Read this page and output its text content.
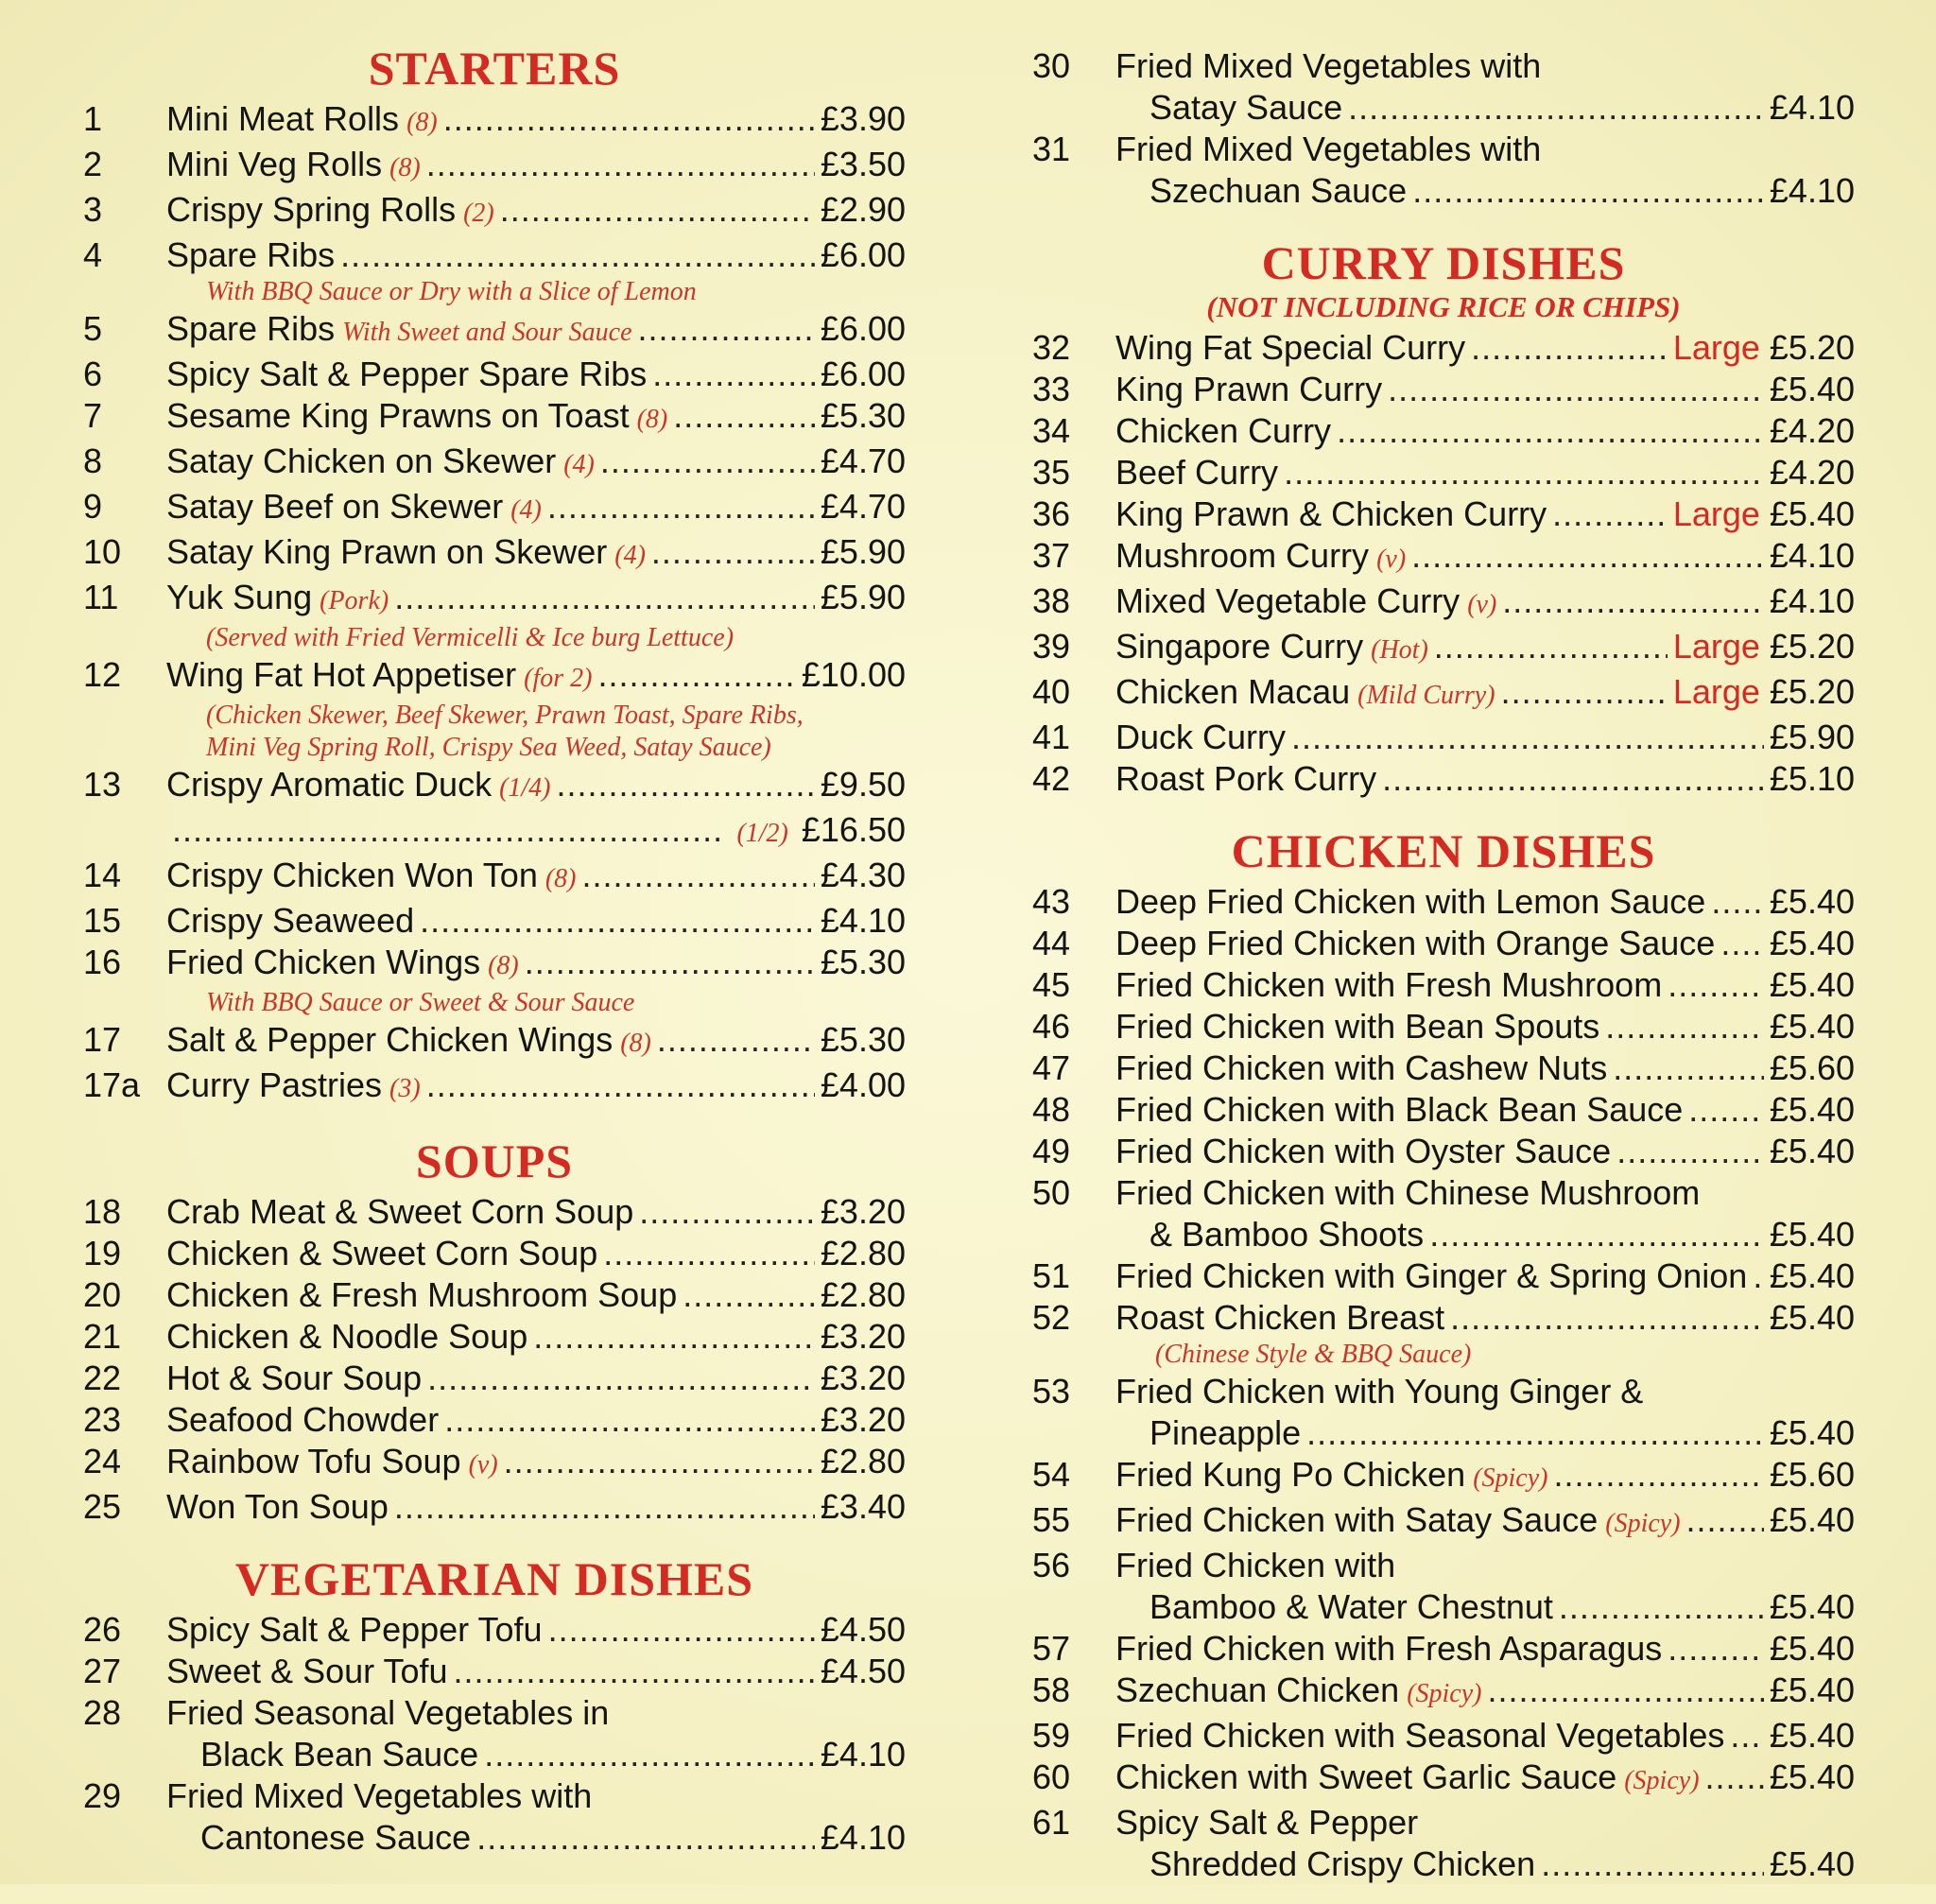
STARTERS
1	Mini Meat Rolls (8) .....	£3.90
2	Mini Veg Rolls (8) .....	£3.50
3	Crispy Spring Rolls (2) .....	£2.90
4	Spare Ribs .....	£6.00
With BBQ Sauce or Dry with a Slice of Lemon
5	Spare Ribs With Sweet and Sour Sauce .....	£6.00
6	Spicy Salt & Pepper Spare Ribs .....	£6.00
7	Sesame King Prawns on Toast (8) .....	£5.30
8	Satay Chicken on Skewer (4) .....	£4.70
9	Satay Beef on Skewer (4) .....	£4.70
10	Satay King Prawn on Skewer (4) .....	£5.90
11	Yuk Sung (Pork) .....	£5.90
(Served with Fried Vermicelli & Ice burg Lettuce)
12	Wing Fat Hot Appetiser (for 2) .....	£10.00
(Chicken Skewer, Beef Skewer, Prawn Toast, Spare Ribs,
Mini Veg Spring Roll, Crispy Sea Weed, Satay Sauce)
13	Crispy Aromatic Duck (1/4) .....	£9.50
.....
(1/2) £16.50
14	Crispy Chicken Won Ton (8) .....	£4.30
15	Crispy Seaweed .....	£4.10
16	Fried Chicken Wings (8) .....	£5.30
With BBQ Sauce or Sweet & Sour Sauce
17	Salt & Pepper Chicken Wings (8) .....	£5.30
17a Curry Pastries (3) .....	£4.00
SOUPS
18	Crab Meat & Sweet Corn Soup .....	£3.20
19	Chicken & Sweet Corn Soup .....	£2.80
20	Chicken & Fresh Mushroom Soup .....	£2.80
21	Chicken & Noodle Soup .....	£3.20
22	Hot & Sour Soup .....	£3.20
23	Seafood Chowder .....	£3.20
24	Rainbow Tofu Soup (v) .....	£2.80
25	Won Ton Soup .....	£3.40
VEGETARIAN DISHES
26	Spicy Salt & Pepper Tofu .....	£4.50
27	Sweet & Sour Tofu .....	£4.50
28	Fried Seasonal Vegetables in
Black Bean Sauce .....	£4.10
29	Fried Mixed Vegetables with
Cantonese Sauce .....	£4.10
30	Fried Mixed Vegetables with
Satay Sauce .....	£4.10
31	Fried Mixed Vegetables with
Szechuan Sauce .....	£4.10
CURRY DISHES
(NOT INCLUDING RICE OR CHIPS)
32	Wing Fat Special Curry .....	Large £5.20
33	King Prawn Curry .....	£5.40
34	Chicken Curry .....	£4.20
35	Beef Curry .....	£4.20
36	King Prawn & Chicken Curry .....	Large £5.40
37	Mushroom Curry (v) .....	£4.10
38	Mixed Vegetable Curry (v) .....	£4.10
39	Singapore Curry (Hot) .....	Large £5.20
40	Chicken Macau (Mild Curry) .....	Large £5.20
41	Duck Curry .....	£5.90
42	Roast Pork Curry .....	£5.10
CHICKEN DISHES
43	Deep Fried Chicken with Lemon Sauce ..... £5.40
44	Deep Fried Chicken with Orange Sauce ..... £5.40
45	Fried Chicken with Fresh Mushroom .....	£5.40
46	Fried Chicken with Bean Spouts .....	£5.40
47	Fried Chicken with Cashew Nuts .....	£5.60
48	Fried Chicken with Black Bean Sauce .....	£5.40
49	Fried Chicken with Oyster Sauce .....	£5.40
50	Fried Chicken with Chinese Mushroom
& Bamboo Shoots .....	£5.40
51	Fried Chicken with Ginger & Spring Onion ..... £5.40
52	Roast Chicken Breast .....	£5.40
(Chinese Style & BBQ Sauce)
53	Fried Chicken with Young Ginger &
Pineapple .....	£5.40
54	Fried Kung Po Chicken (Spicy) .....	£5.60
55	Fried Chicken with Satay Sauce (Spicy) .....	£5.40
56	Fried Chicken with
Bamboo & Water Chestnut .....	£5.40
57	Fried Chicken with Fresh Asparagus .....	£5.40
58	Szechuan Chicken (Spicy) .....	£5.40
59	Fried Chicken with Seasonal Vegetables ..... £5.40
60	Chicken with Sweet Garlic Sauce (Spicy) ..... £5.40
61	Spicy Salt & Pepper
Shredded Crispy Chicken .....	£5.40
